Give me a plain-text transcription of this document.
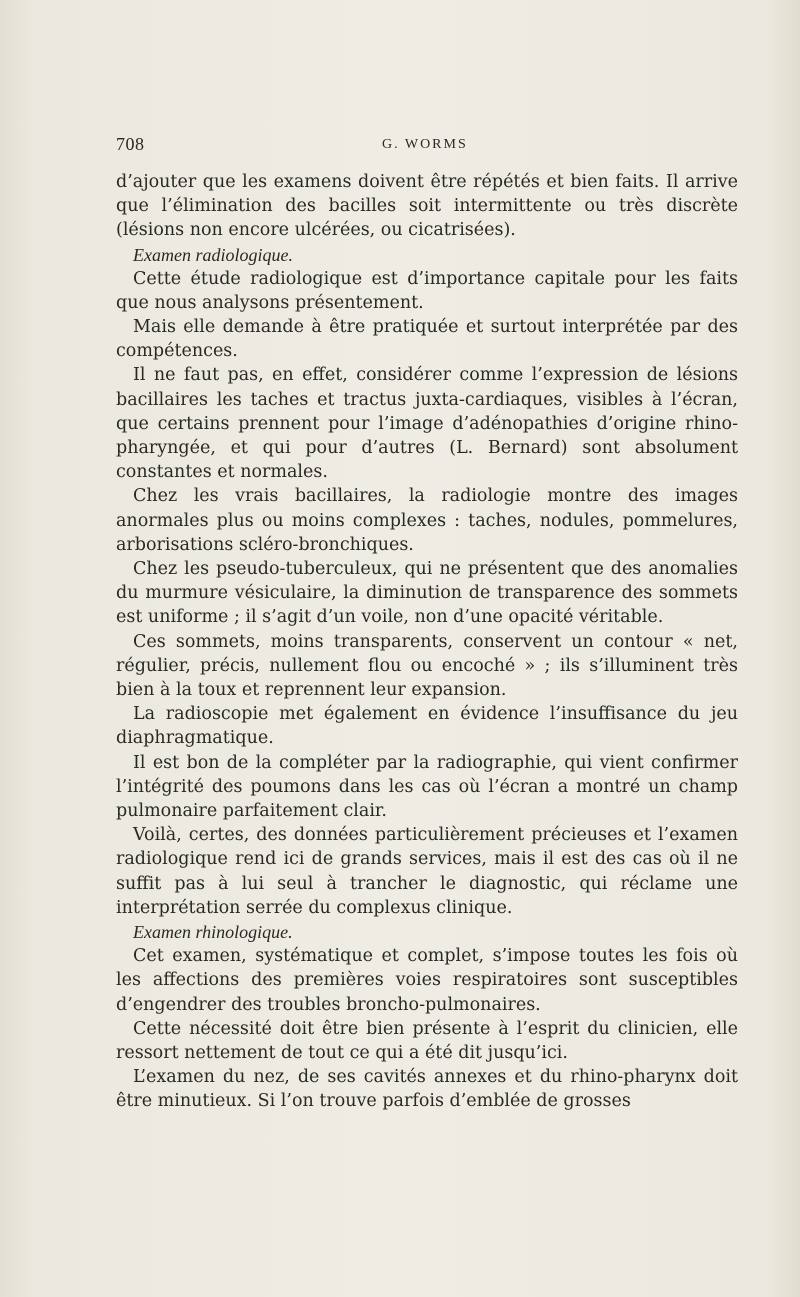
708	G. WORMS

d’ajouter que les examens doivent être répétés et bien faits. Il arrive que l’élimination des bacilles soit intermittente ou très discrète (lésions non encore ulcérées, ou cicatrisées).

Examen radiologique.

Cette étude radiologique est d’importance capitale pour les faits que nous analysons présentement.

Mais elle demande à être pratiquée et surtout interprétée par des compétences.

Il ne faut pas, en effet, considérer comme l’expression de lésions bacillaires les taches et tractus juxta-cardiaques, visibles à l’écran, que certains prennent pour l’image d’adénopathies d’origine rhino-pharyngée, et qui pour d’autres (L. Bernard) sont absolument constantes et normales.

Chez les vrais bacillaires, la radiologie montre des images anormales plus ou moins complexes : taches, nodules, pommelures, arborisations scléro-bronchiques.

Chez les pseudo-tuberculeux, qui ne présentent que des anomalies du murmure vésiculaire, la diminution de transparence des sommets est uniforme ; il s’agit d’un voile, non d’une opacité véritable.

Ces sommets, moins transparents, conservent un contour « net, régulier, précis, nullement flou ou encoché » ; ils s’illuminent très bien à la toux et reprennent leur expansion.

La radioscopie met également en évidence l’insuffisance du jeu diaphragmatique.

Il est bon de la compléter par la radiographie, qui vient confirmer l’intégrité des poumons dans les cas où l’écran a montré un champ pulmonaire parfaitement clair.

Voilà, certes, des données particulièrement précieuses et l’examen radiologique rend ici de grands services, mais il est des cas où il ne suffit pas à lui seul à trancher le diagnostic, qui réclame une interprétation serrée du complexus clinique.

Examen rhinologique.

Cet examen, systématique et complet, s’impose toutes les fois où les affections des premières voies respiratoires sont susceptibles d’engendrer des troubles broncho-pulmonaires.

Cette nécessité doit être bien présente à l’esprit du clinicien, elle ressort nettement de tout ce qui a été dit jusqu’ici.

L’examen du nez, de ses cavités annexes et du rhino-pharynx doit être minutieux. Si l’on trouve parfois d’emblée de grosses
